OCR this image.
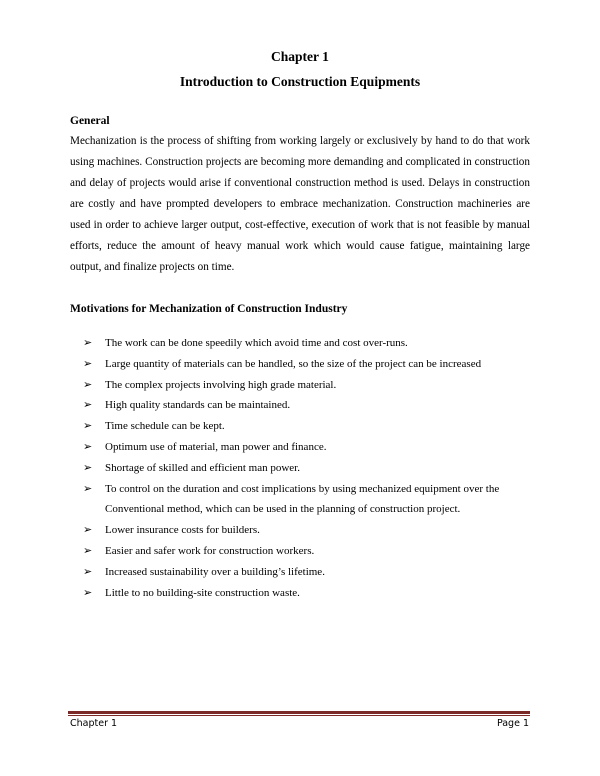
Chapter 1
Introduction to Construction Equipments
General

Mechanization is the process of shifting from working largely or exclusively by hand to do that work using machines. Construction projects are becoming more demanding and complicated in construction and delay of projects would arise if conventional construction method is used. Delays in construction are costly and have prompted developers to embrace mechanization. Construction machineries are used in order to achieve larger output, cost-effective, execution of work that is not feasible by manual efforts, reduce the amount of heavy manual work which would cause fatigue, maintaining large output, and finalize projects on time.

Motivations for Mechanization of Construction Industry
➢ The work can be done speedily which avoid time and cost over-runs.
➢ Large quantity of materials can be handled, so the size of the project can be increased
➢ The complex projects involving high grade material.
➢ High quality standards can be maintained.
➢ Time schedule can be kept.
➢ Optimum use of material, man power and finance.
➢ Shortage of skilled and efficient man power.
➢ To control on the duration and cost implications by using mechanized equipment over the Conventional method, which can be used in the planning of construction project.
➢ Lower insurance costs for builders.
➢ Easier and safer work for construction workers.
➢ Increased sustainability over a building’s lifetime.
➢ Little to no building-site construction waste.
Chapter 1	Page 1
